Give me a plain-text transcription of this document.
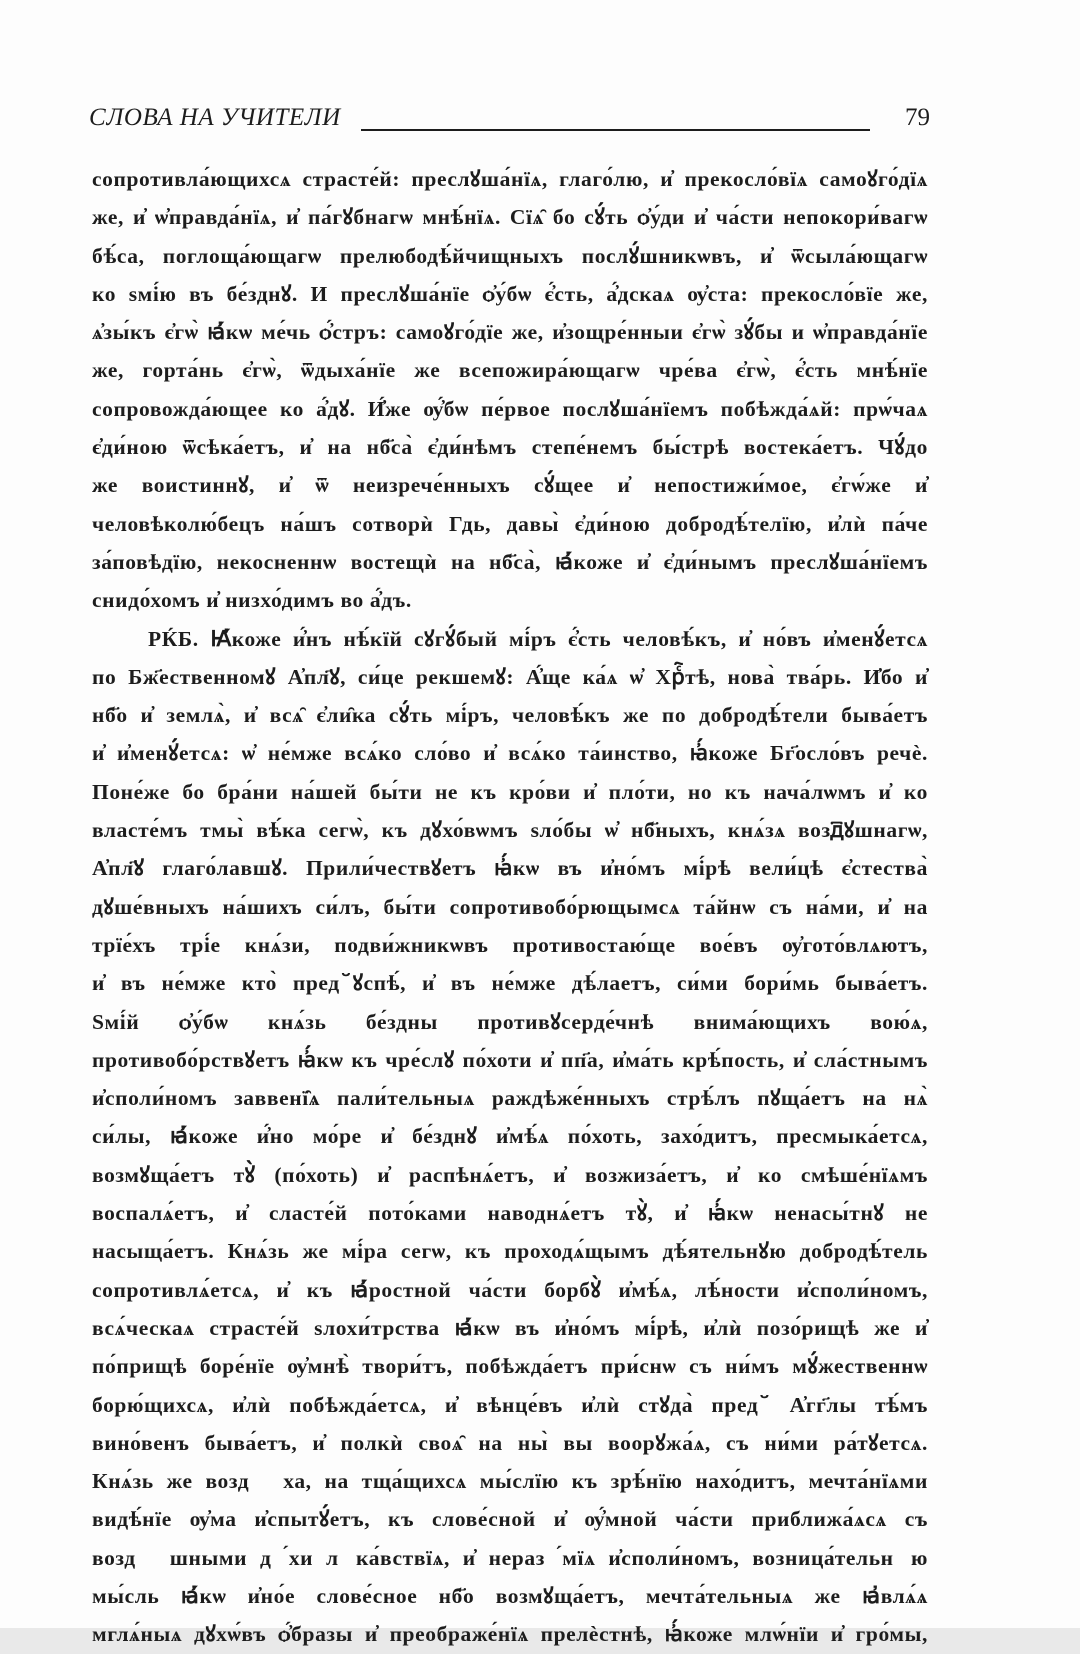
СЛОВА НА УЧИТЕЛИ	79
сопротивла́ющихсѧ страсте́й: преслꙋша́нїѧ, глаго́лю, и҆ прекосло́вїѧ самоꙋго́дїѧ
же, и҆ ѡ҆правда́нїѧ, и҆ па́гꙋбнагѡ мнѣ́нїѧ. Сїѧ̑ бо сꙋ́ть ѻ҆у́ди и҆ ча́сти непокори́вагѡ
бѣ́са, поглоща́ющагѡ прелюбодѣ́йчищныхъ послꙋ́шникѡвъ, и҆ ѿсыла́ющагѡ
ко ѕмі́ю въ бе́зднꙋ. И преслꙋша́нїе ѻ҆у́бѡ є҆́сть, а҆́дскаѧ ѹ҆ста: прекосло́вїе же,
ѧ҆зы́къ є҆гѡ̀ ꙗ҆́кѡ ме́чь ѻ҆́стръ: самоꙋго́дїе же, и҆зощре́нныи є҆гѡ̀ зꙋ́бы и ѡ҆правда́нїе
же, горта́нь є҆гѡ̀, ѿдыха́нїе же всепожира́ющагѡ чре́ва є҆гѡ̀, є҆́сть мнѣ́нїе
сопровожда́ющее ко а҆́дꙋ. И҆́же ѹ҆́бѡ пе́рвое послꙋша́нїемъ побѣжда́ѧй: прѡ́чаѧ
є҆ди́ною ѿсѣка́етъ, и҆ на нб҃са̀ є҆ди́нѣмъ степе́немъ бы́стрѣ востека́етъ. Чꙋ́до
же воистиннꙋ, и҆ ѿ неизрече́нныхъ сꙋ́щее и҆ непостижи́мое, є҆гѡ́же и҆
человѣколю́бецъ на́шъ сотворѝ Гдь, давы̀ є҆ди́ною добродѣ́телїю, и҆лѝ па́че
за́повѣдїю, некосненнѡ востещѝ на нб҃са̀, ꙗ҆́коже и҆ є҆ди́нымъ преслꙋша́нїемъ
снидо́хомъ и҆ низхо́димъ во а҆́дъ.
РЌБ. Ꙗ҆́коже и҆́нъ нѣ́кїй сꙋгꙋ́бый мі́ръ є҆́сть человѣ́къ, и҆ но́въ и҆менꙋ́етсѧ
по Бж҃ественномꙋ А҆пл҃ꙋ, си́це рекшемꙋ: А҆́ще ка́ѧ ѡ҆ Хрⷭ҇тѣ, нова̀ тва́рь. И҆бо и҆
нб҃о и҆ землѧ̀, и҆ всѧ̑ є҆ли̑ка сꙋ́ть мі́ръ, человѣ́къ же по добродѣ́тели быва́етъ
и҆ и҆менꙋ́етсѧ: ѡ҆ не́мже всѧ́ко сло́во и҆ всѧ́ко та́инство, ꙗ҆́коже Бг҃осло́въ речѐ.
Поне́же бо бра́ни на́шей бы́ти не къ кро́ви и҆ пло́ти, но къ нача́лѡмъ и҆ ко
власте́мъ тмы̀ вѣ́ка сегѡ̀, къ дꙋхо́вѡмъ ѕло́бы ѡ҆ нб҃ныхъ, кнѧ́зѧ возд꙯ꙋшнагѡ,
А҆пл҃ꙋ глаго́лавшꙋ. Прили́чествꙋетъ ꙗ҆́кѡ въ и҆но́мъ мі́рѣ вели́цѣ є҆стества̀
дꙋше́вныхъ на́шихъ си́лъ, бы́ти сопротивобо́рющымсѧ та́йнѡ съ на́ми, и҆ на
трїе́хъ трі́е кнѧ́зи, подви́жникѡвъ противостаю́ще вое́въ ѹ҆гото́влѧютъ,
и҆ въ не́мже кто̀ пред꙾ꙋспѣ́, и҆ въ не́мже дѣ́лаетъ, си́ми бори́мь быва́етъ.
Ѕмі́й ѻ҆у́бѡ кнѧ́зь бе́здны противꙋсерде́чнѣ внима́ющихъ вою́ѧ,
противобо́рствꙋетъ ꙗ҆́кѡ къ чре́слꙋ по́хоти и҆ пп҃а, и҆ма́ть крѣ́пость, и҆ сла́стнымъ
и҆споли́номъ заввенї̑ѧ пали́тельныѧ раждѣже́нныхъ стрѣ́лъ пꙋща́етъ на нѧ̀
си́лы, ꙗ҆́коже и҆́но мо́ре и҆ бе́зднꙋ и҆мѣ́ѧ по́хоть, захо́дитъ, пресмыка́етсѧ,
возмꙋща́етъ тꙋ̀ (по́хоть) и҆ распѣнѧ́етъ, и҆ возжиза́етъ, и҆ ко смѣше́нїѧмъ
воспалѧ́етъ, и҆ сласте́й пото́ками наводнѧ́етъ тꙋ̀, и҆ ꙗ҆́кѡ ненасы́тнꙋ не
насыща́етъ. Кнѧ́зь же мі́ра сегѡ, къ проходѧ́щымъ дѣ́ятельнꙋю добродѣ́тель
сопротивлѧ́етсѧ, и҆ къ ꙗ҆́ростной ча́сти борбꙋ̀ и҆мѣ́ѧ, лѣ́ности и҆споли́номъ,
всѧ́ческаѧ страсте́й ѕлохи́трства ꙗ҆́кѡ въ и҆но́мъ мі́рѣ, и҆лѝ позо́рищѣ же и҆
по́прищѣ боре́нїе ѹ҆мнѣ̀ твори́тъ, побѣжда́етъ при́снѡ съ ни́мъ мꙋ́жественнѡ
борю́щихсѧ, и҆лѝ побѣжда́етсѧ, и҆ вѣнце́въ и҆лѝ стꙋда̀ пред꙾ А҆гг҃лы тѣ́мъ
вино́венъ быва́етъ, и҆ полкѝ своѧ̑ на ны̀ вы воорꙋжа́ѧ, съ ни́ми ра́тꙋетсѧ.
Кнѧ́зь же возд꙯ꙋха, на тща́щихсѧ мы́слїю къ зрѣ́нїю нахо́дитъ, мечта́нїѧми
видѣ́нїе ѹ҆ма и҆спытꙋ́етъ, къ слове́сной и҆ ѹ҆́мной ча́сти приближа́ѧсѧ съ
возд꙯ꙋшными дꙋ́хи лꙋка́вствїѧ, и҆ неразꙋ́мїѧ и҆споли́номъ, возница́тельнꙋю
мы́сль ꙗ҆́кѡ и҆но́е слове́сное нб҃о возмꙋща́етъ, мечта́тельныѧ же ꙗ҆влѧ́ѧ
мглѧ́ныѧ дꙋхѡ́въ ѻ҆́бразы и҆ преображе́нїѧ прелѐстнѣ, ꙗ҆́коже млѡ́нїи и҆ гро́мы,
